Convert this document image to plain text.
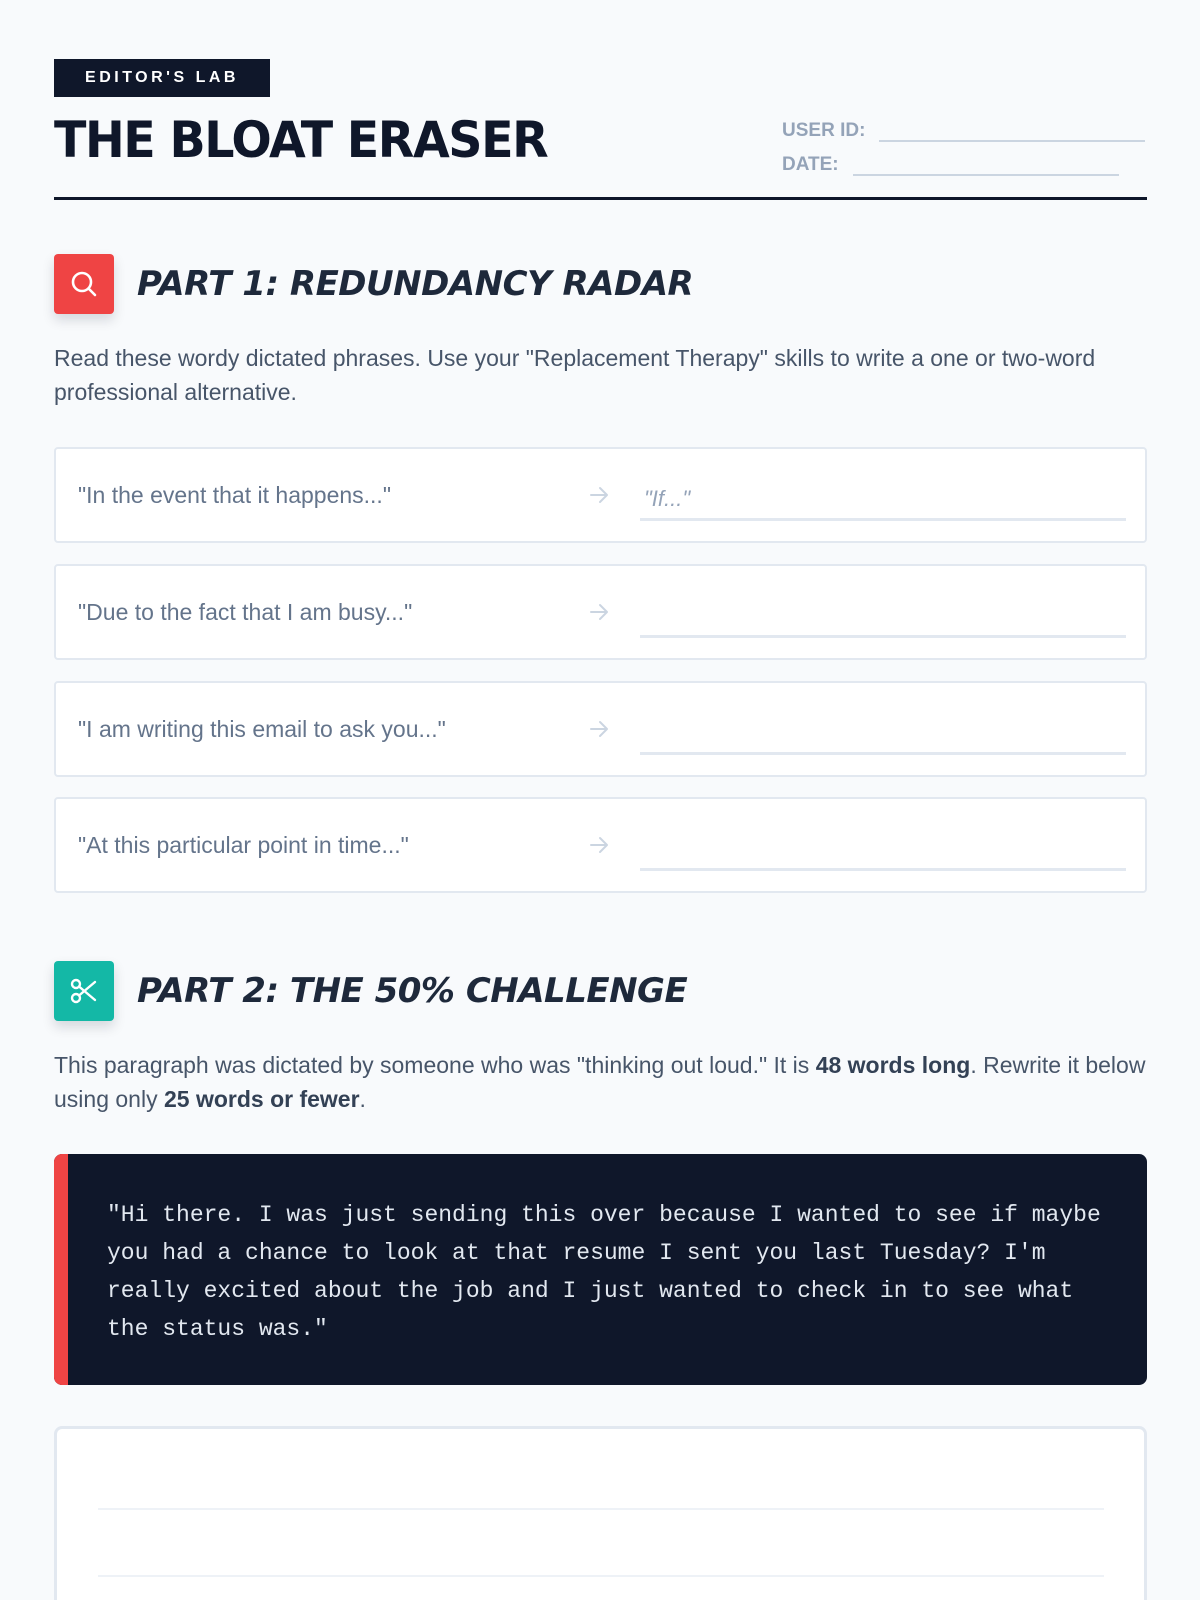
EDITOR'S LAB
THE BLOAT ERASER	USER ID:
DATE:
PART 1: REDUNDANCY RADAR

Read these wordy dictated phrases. Use your "Replacement Therapy" skills to write a one or two-word professional alternative.

"In the event that it happens..."	"If..."
"Due to the fact that I am busy..."
"I am writing this email to ask you..."
"At this particular point in time..."
PART 2: THE 50% CHALLENGE

This paragraph was dictated by someone who was "thinking out loud." It is 48 words long. Rewrite it below using only 25 words or fewer.

"Hi there. I was just sending this over because I wanted to see if maybe you had a chance to look at that resume I sent you last Tuesday? I'm really excited about the job and I just wanted to check in to see what the status was."
